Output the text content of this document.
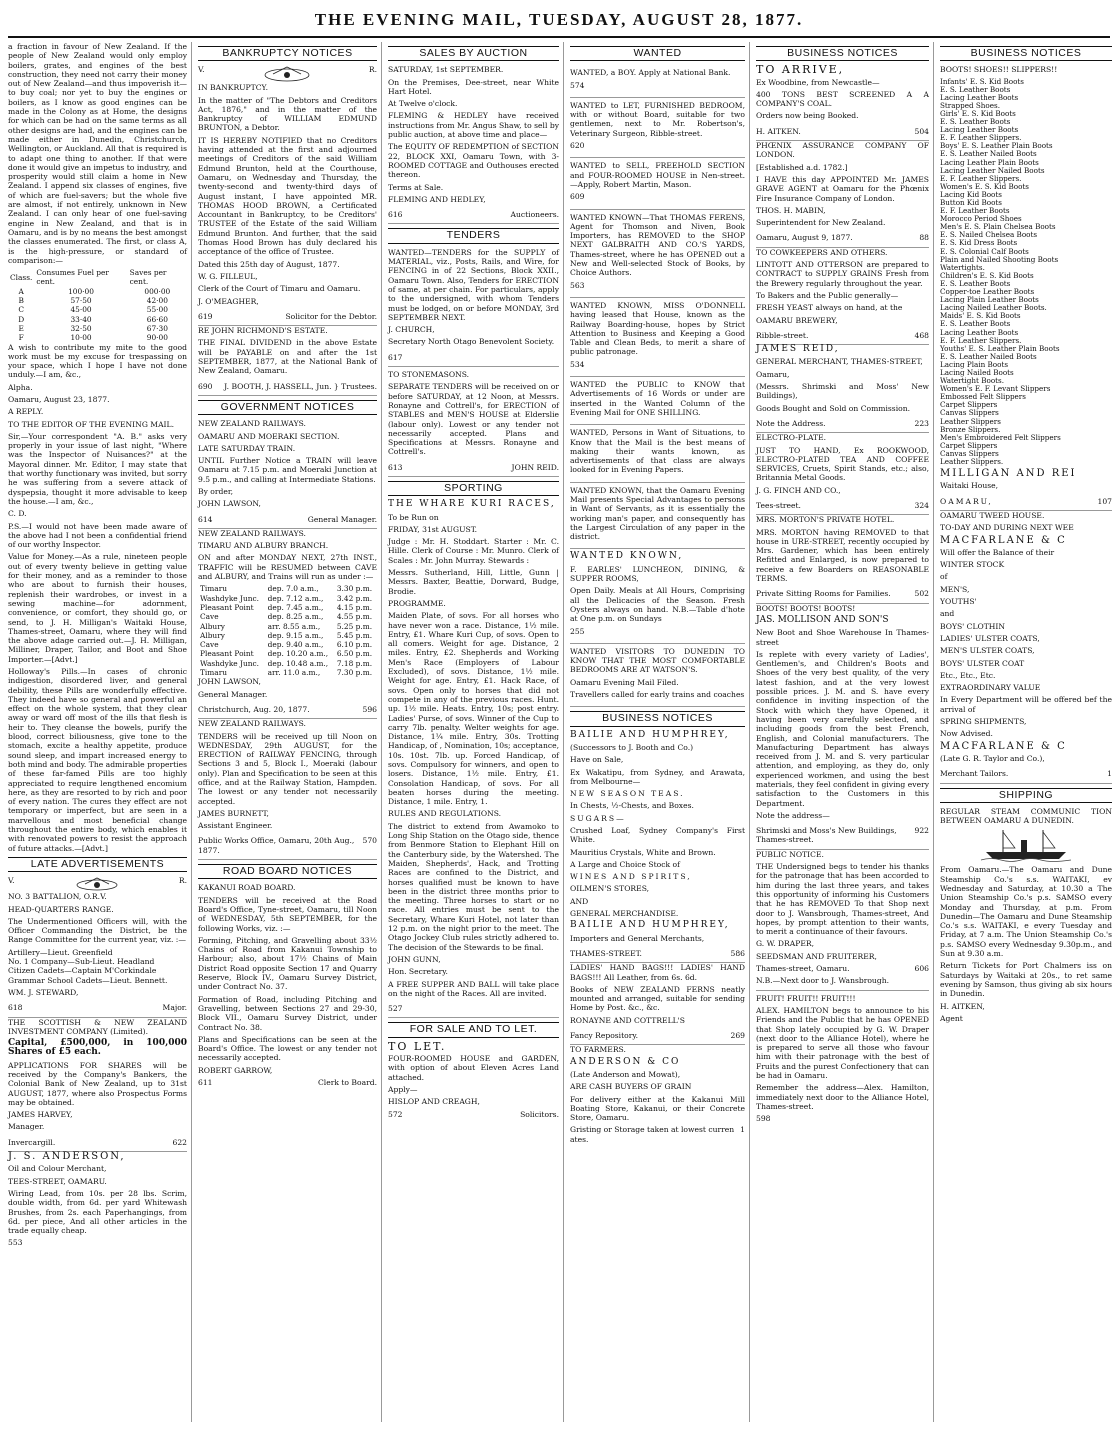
THE EVENING MAIL, TUESDAY, AUGUST 28, 1877.

a fraction in favour of New Zealand. If the people of New Zealand would only employ boilers, grates, and engines of the best construction, they need not carry their money out of New Zealand—and thus impoverish it—to buy coal; nor yet to buy the engines or boilers, as I know as good engines can be made in the Colony as at Home, the designs for which can be had on the same terms as all other designs are had, and the engines can be made either in Dunedin, Christchurch, Wellington, or Auckland. All that is required is to adapt one thing to another. If that were done it would give an impetus to industry, and prosperity would still claim a home in New Zealand. I append six classes of engines, five of which are fuel-savers; but the whole five are almost, if not entirely, unknown in New Zealand. I can only hear of one fuel-saving engine in New Zealand, and that is in Oamaru, and is by no means the best amongst the classes enumerated. The first, or class A, is the high-pressure, or standard of comparison:—

Class.	Consumes Fuel per cent.	Saves per cent.
A	100·00	000·00
B	57·50	42·00
C	45·00	55·00
D	33·40	66·60
E	32·50	67·30
F	10·00	90·00

A wish to contribute my mite to the good work must be my excuse for trespassing on your space, which I hope I have not done unduly.—I am, &c.,

Alpha.

Oamaru, August 23, 1877.

A REPLY.

TO THE EDITOR OF THE EVENING MAIL.

Sir,—Your correspondent "A. B." asks very properly in your issue of last night, "Where was the Inspector of Nuisances?" at the Mayoral dinner. Mr. Editor, I may state that that worthy functionary was invited, but sorry he was suffering from a severe attack of dyspepsia, thought it more advisable to keep the house.—I am, &c.,

C. D.

P.S.—I would not have been made aware of the above had I not been a confidential friend of our worthy Inspector.

Value for Money.—As a rule, nineteen people out of every twenty believe in getting value for their money, and as a reminder to those who are about to furnish their houses, replenish their wardrobes, or invest in a sewing machine—for adornment, convenience, or comfort, they should go, or send, to J. H. Milligan's Waitaki House, Thames-street, Oamaru, where they will find the above adage carried out.—J. H. Milligan, Milliner, Draper, Tailor, and Boot and Shoe Importer.—[Advt.]

Holloway's Pills.—In cases of chronic indigestion, disordered liver, and general debility, these Pills are wonderfully effective. They indeed have so general and powerful an effect on the whole system, that they clear away or ward off most of the ills that flesh is heir to. They cleanse the bowels, purify the blood, correct biliousness, give tone to the stomach, excite a healthy appetite, produce sound sleep, and impart increased energy to both mind and body. The admirable properties of these far-famed Pills are too highly appreciated to require lengthened encomium here, as they are resorted to by rich and poor of every nation. The cures they effect are not temporary or imperfect, but are seen in a marvellous and most beneficial change throughout the entire body, which enables it with renovated powers to resist the approach of future attacks.—[Advt.]

LATE ADVERTISEMENTS
V.	R.

NO. 3 BATTALION, O.R.V.

HEAD-QUARTERS RANGE.

The Undermentioned Officers will, with the Officer Commanding the District, be the Range Committee for the current year, viz. :—

Artillery—Lieut. Greenfield
No. 1 Company—Sub-Lieut. Headland
Citizen Cadets—Captain M'Corkindale
Grammar School Cadets—Lieut. Bennett.

WM. J. STEWARD,

618	Major.

THE SCOTTISH & NEW ZEALAND INVESTMENT COMPANY (Limited).

Capital, £500,000, in 100,000 Shares of £5 each.

APPLICATIONS FOR SHARES will be received by the Company's Bankers, the Colonial Bank of New Zealand, up to 31st AUGUST, 1877, where also Prospectus Forms may be obtained.

JAMES HARVEY,

Manager.

Invercargill.	622

J. S. ANDERSON,

Oil and Colour Merchant,

TEES-STREET, OAMARU.

Wiring Lead, from 10s. per 28 lbs. Scrim, double width, from 6d. per yard Whitewash Brushes, from 2s. each Paperhangings, from 6d. per piece, And all other articles in the trade equally cheap.

553

BANKRUPTCY NOTICES
V.	R.

IN BANKRUPTCY.

In the matter of "The Debtors and Creditors Act, 1876," and in the matter of the Bankruptcy of WILLIAM EDMUND BRUNTON, a Debtor.

IT IS HEREBY NOTIFIED that no Creditors having attended at the first and adjourned meetings of Creditors of the said William Edmund Brunton, held at the Courthouse, Oamaru, on Wednesday and Thursday, the twenty-second and twenty-third days of August instant, I have appointed MR. THOMAS HOOD BROWN, a Certificated Accountant in Bankruptcy, to be Creditors' TRUSTEE of the Estate of the said William Edmund Brunton. And further, that the said Thomas Hood Brown has duly declared his acceptance of the office of Trustee.

Dated this 25th day of August, 1877.

W. G. FILLEUL,

Clerk of the Court of Timaru and Oamaru.

J. O'MEAGHER,

619	Solicitor for the Debtor.

RE JOHN RICHMOND'S ESTATE.

THE FINAL DIVIDEND in the above Estate will be PAYABLE on and after the 1st SEPTEMBER, 1877, at the National Bank of New Zealand, Oamaru.

690 J. BOOTH, J. HASSELL, Jun. } Trustees.
GOVERNMENT NOTICES

NEW ZEALAND RAILWAYS.

OAMARU AND MOERAKI SECTION.

LATE SATURDAY TRAIN.

UNTIL Further Notice a TRAIN will leave Oamaru at 7.15 p.m. and Moeraki Junction at 9.5 p.m., and calling at Intermediate Stations.

By order,

JOHN LAWSON,

614	General Manager.

NEW ZEALAND RAILWAYS.

TIMARU AND ALBURY BRANCH.

ON and after MONDAY NEXT, 27th INST., TRAFFIC will be RESUMED between CAVE and ALBURY, and Trains will run as under :—

Timaru	dep. 7.0 a.m.,	3.30 p.m.
Washdyke Junc.	dep. 7.12 a.m.,	3.42 p.m.
Pleasant Point	dep. 7.45 a.m.,	4.15 p.m.
Cave	dep. 8.25 a.m.,	4.55 p.m.
Albury	arr. 8.55 a.m.,	5.25 p.m.
Albury	dep. 9.15 a.m.,	5.45 p.m.
Cave	dep. 9.40 a.m.,	6.10 p.m.
Pleasant Point	dep. 10.20 a.m.,	6.50 p.m.
Washdyke Junc.	dep. 10.48 a.m.,	7.18 p.m.
Timaru	arr. 11.0 a.m.,	7.30 p.m.

JOHN LAWSON,

General Manager.

Christchurch, Aug. 20, 1877.	596

NEW ZEALAND RAILWAYS.

TENDERS will be received up till Noon on WEDNESDAY, 29th AUGUST, for the ERECTION of RAILWAY FENCING, through Sections 3 and 5, Block I., Moeraki (labour only). Plan and Specification to be seen at this office, and at the Railway Station, Hampden. The lowest or any tender not necessarily accepted.

JAMES BURNETT,

Assistant Engineer.

Public Works Office, Oamaru, 20th Aug., 1877.
570
ROAD BOARD NOTICES

KAKANUI ROAD BOARD.

TENDERS will be received at the Road Board's Office, Tyne-street, Oamaru, till Noon of WEDNESDAY, 5th SEPTEMBER, for the following Works, viz. :—

Forming, Pitching, and Gravelling about 33½ Chains of Road from Kakanui Township to Harbour; also, about 17½ Chains of Main District Road opposite Section 17 and Quarry Reserve, Block IV., Oamaru Survey District, under Contract No. 37.

Formation of Road, including Pitching and Gravelling, between Sections 27 and 29-30, Block VII., Oamaru Survey District, under Contract No. 38.

Plans and Specifications can be seen at the Board's Office. The lowest or any tender not necessarily accepted.

ROBERT GARROW,

611	Clerk to Board.
SALES BY AUCTION

SATURDAY, 1st SEPTEMBER.

On the Premises, Dee-street, near White Hart Hotel.

At Twelve o'clock.

FLEMING & HEDLEY have received instructions from Mr. Angus Shaw, to sell by public auction, at above time and place—

The EQUITY OF REDEMPTION of SECTION 22, BLOCK XXI, Oamaru Town, with 3-ROOMED COTTAGE and Outhouses erected thereon.

Terms at Sale.

FLEMING AND HEDLEY,

616	Auctioneers.
TENDERS

WANTED—TENDERS for the SUPPLY of MATERIAL, viz., Posts, Rails, and Wire, for FENCING in of 22 Sections, Block XXII., Oamaru Town. Also, Tenders for ERECTION of same, at per chain. For particulars, apply to the undersigned, with whom Tenders must be lodged, on or before MONDAY, 3rd SEPTEMBER NEXT.

J. CHURCH,

Secretary North Otago Benevolent Society.

617

TO STONEMASONS.

SEPARATE TENDERS will be received on or before SATURDAY, at 12 Noon, at Messrs. Ronayne and Cottrell's, for ERECTION of STABLES and MEN'S HOUSE at Elderslie (labour only). Lowest or any tender not necessarily accepted. Plans and Specifications at Messrs. Ronayne and Cottrell's.

613	JOHN REID.
SPORTING

THE WHARE KURI RACES,

To be Run on

FRIDAY, 31st AUGUST.

Judge : Mr. H. Stoddart. Starter : Mr. C. Hille. Clerk of Course : Mr. Munro. Clerk of Scales : Mr. John Murray. Stewards :

Messrs. Sutherland, Hill, Little, Gunn | Messrs. Baxter, Beattie, Dorward, Budge, Brodie.

PROGRAMME.

Maiden Plate, of sovs. For all horses who have never won a race. Distance, 1½ mile. Entry, £1. Whare Kuri Cup, of sovs. Open to all comers. Weight for age. Distance, 2 miles. Entry, £2. Shepherds and Working Men's Race (Employers of Labour Excluded), of sovs. Distance, 1½ mile. Weight for age. Entry, £1. Hack Race, of sovs. Open only to horses that did not compete in any of the previous races. Hunt. up. 1½ mile. Heats. Entry, 10s; post entry. Ladies' Purse, of sovs. Winner of the Cup to carry 7lb. penalty. Welter weights for age. Distance, 1¼ mile. Entry, 30s. Trotting Handicap, of , Nomination, 10s; acceptance, 10s. 10st. 7lb. up. Forced Handicap, of sovs. Compulsory for winners, and open to losers. Distance, 1½ mile. Entry, £1. Consolation Handicap, of sovs. For all beaten horses during the meeting. Distance, 1 mile. Entry, 1.

RULES AND REGULATIONS.

The district to extend from Awamoko to Long Ship Station on the Otago side, thence from Benmore Station to Elephant Hill on the Canterbury side, by the Watershed. The Maiden, Shepherds', Hack, and Trotting Races are confined to the District, and horses qualified must be known to have been in the district three months prior to the meeting. Three horses to start or no race. All entries must be sent to the Secretary, Whare Kuri Hotel, not later than 12 p.m. on the night prior to the meet. The Otago Jockey Club rules strictly adhered to. The decision of the Stewards to be final.

JOHN GUNN,

Hon. Secretary.

A FREE SUPPER AND BALL will take place on the night of the Races. All are invited.

527

FOR SALE AND TO LET.

TO LET.

FOUR-ROOMED HOUSE and GARDEN, with option of about Eleven Acres Land attached.

Apply—

HISLOP AND CREAGH,

572	Solicitors.
WANTED

WANTED, a BOY. Apply at National Bank.

574

WANTED to LET, FURNISHED BEDROOM, with or without Board, suitable for two gentlemen, next to Mr. Robertson's, Veterinary Surgeon, Ribble-street.

620

WANTED to SELL, FREEHOLD SECTION and FOUR-ROOMED HOUSE in Nen-street.—Apply, Robert Martin, Mason.

609

WANTED KNOWN—That THOMAS FERENS, Agent for Thomson and Niven, Book Importers, has REMOVED to the SHOP NEXT GALBRAITH AND CO.'S YARDS, Thames-street, where he has OPENED out a New and Well-selected Stock of Books, by Choice Authors.

563

WANTED KNOWN, MISS O'DONNELL having leased that House, known as the Railway Boarding-house, hopes by Strict Attention to Business and Keeping a Good Table and Clean Beds, to merit a share of public patronage.

534

WANTED the PUBLIC to KNOW that Advertisements of 16 Words or under are inserted in the Wanted Column of the Evening Mail for ONE SHILLING.

WANTED, Persons in Want of Situations, to Know that the Mail is the best means of making their wants known, as advertisements of that class are always looked for in Evening Papers.

WANTED KNOWN, that the Oamaru Evening Mail presents Special Advantages to persons in Want of Servants, as it is essentially the working man's paper, and consequently has the Largest Circulation of any paper in the district.

WANTED KNOWN,

F. EARLES' LUNCHEON, DINING, & SUPPER ROOMS,

Open Daily. Meals at All Hours, Comprising all the Delicacies of the Season. Fresh Oysters always on hand. N.B.—Table d'hote at One p.m. on Sundays

255

WANTED VISITORS TO DUNEDIN TO KNOW THAT THE MOST COMFORTABLE BEDROOMS ARE AT WATSON'S.

Oamaru Evening Mail Filed.

Travellers called for early trains and coaches

BUSINESS NOTICES

BAILIE AND HUMPHREY,

(Successors to J. Booth and Co.)

Have on Sale,

Ex Wakatipu, from Sydney, and Arawata, from Melbourne—

NEW SEASON TEAS.

In Chests, ½-Chests, and Boxes.

SUGARS—

Crushed Loaf, Sydney Company's First White.

Mauritius Crystals, White and Brown.

A Large and Choice Stock of

WINES AND SPIRITS,

OILMEN'S STORES,

AND

GENERAL MERCHANDISE.

BAILIE AND HUMPHREY,

Importers and General Merchants,

THAMES-STREET.	586

LADIES' HAND BAGS!!! LADIES' HAND BAGS!!! All Leather, from 6s. 6d.

Books of NEW ZEALAND FERNS neatly mounted and arranged, suitable for sending Home by Post. &c., &c.

RONAYNE AND COTTRELL'S

Fancy Repository.	269

TO FARMERS.

ANDERSON & CO

(Late Anderson and Mowat),

ARE CASH BUYERS OF GRAIN

For delivery either at the Kakanui Mill Boating Store, Kakanui, or their Concrete Store, Oamaru.

Gristing or Storage taken at lowest curren ates.
1
BUSINESS NOTICES

TO ARRIVE,

Ex Woodbine, from Newcastle—

400 TONS BEST SCREENED A A COMPANY'S COAL.

Orders now being Booked.

H. AITKEN.	504

PHŒNIX ASSURANCE COMPANY OF LONDON.

[Established a.d. 1782.]

I HAVE this day APPOINTED Mr. JAMES GRAVE AGENT at Oamaru for the Phœnix Fire Insurance Company of London.

THOS. H. MABIN,

Superintendent for New Zealand.

Oamaru, August 9, 1877.	88

TO COWKEEPERS AND OTHERS.

LINTOTT AND OTTERSON are prepared to CONTRACT to SUPPLY GRAINS Fresh from the Brewery regularly throughout the year.

To Bakers and the Public generally—

FRESH YEAST always on hand, at the

OAMARU BREWERY,

Ribble-street.	468

JAMES REID,

GENERAL MERCHANT, THAMES-STREET,

Oamaru,

(Messrs. Shrimski and Moss' New Buildings),

Goods Bought and Sold on Commission.

Note the Address.	223

ELECTRO-PLATE.

JUST TO HAND, Ex ROOKWOOD, ELECTRO-PLATED TEA AND COFFEE SERVICES, Cruets, Spirit Stands, etc.; also, Britannia Metal Goods.

J. G. FINCH AND CO.,

Tees-street.	324

MRS. MORTON'S PRIVATE HOTEL.

MRS. MORTON having REMOVED to that house in URE-STREET, recently occupied by Mrs. Gardener, which has been entirely Refitted and Enlarged, is now prepared to receive a few Boarders on REASONABLE TERMS.

Private Sitting Rooms for Families.	502

BOOTS! BOOTS! BOOTS!

JAS. MOLLISON AND SON'S

New Boot and Shoe Warehouse In Thames-street

Is replete with every variety of Ladies', Gentlemen's, and Children's Boots and Shoes of the very best quality, of the very latest fashion, and at the very lowest possible prices. J. M. and S. have every confidence in inviting inspection of the Stock with which they have Opened, it having been very carefully selected, and including goods from the best French, English, and Colonial manufacturers. The Manufacturing Department has always received from J. M. and S. very particular attention, and employing, as they do, only experienced workmen, and using the best materials, they feel confident in giving every satisfaction to the Customers in this Department.

Note the address—

Shrimski and Moss's New Buildings, Thames-street.
922

PUBLIC NOTICE.

THE Undersigned begs to tender his thanks for the patronage that has been accorded to him during the last three years, and takes this opportunity of informing his Customers that he has REMOVED To that Shop next door to J. Wansbrough, Thames-street, And hopes, by prompt attention to their wants, to merit a continuance of their favours.

G. W. DRAPER,

SEEDSMAN AND FRUITERER,

Thames-street, Oamaru.	606

N.B.—Next door to J. Wansbrough.

FRUIT! FRUIT!! FRUIT!!!

ALEX. HAMILTON begs to announce to his Friends and the Public that he has OPENED that Shop lately occupied by G. W. Draper (next door to the Alliance Hotel), where he is prepared to serve all those who favour him with their patronage with the best of Fruits and the purest Confectionery that can be had in Oamaru.

Remember the address—Alex. Hamilton, immediately next door to the Alliance Hotel, Thames-street.

598

BUSINESS NOTICES

BOOTS! SHOES!! SLIPPERS!!

Infants' E. S. Kid Boots
E. S. Leather Boots
Lacing Leather Boots
Strapped Shoes.
Girls' E. S. Kid Boots
E. S. Leather Boots
Lacing Leather Boots
E. F. Leather Slippers.
Boys' E. S. Leather Plain Boots
E. S. Leather Nailed Boots
Lacing Leather Plain Boots
Lacing Leather Nailed Boots
E. F. Leather Slippers.
Women's E. S. Kid Boots
Lacing Kid Boots
Button Kid Boots
E. F. Leather Boots
Morocco Period Shoes
Men's E. S. Plain Chelsea Boots
E. S. Nailed Chelsea Boots
E. S. Kid Dress Boots
E. S. Colonial Calf Boots
Plain and Nailed Shooting Boots
Watertights.
Children's E. S. Kid Boots
E. S. Leather Boots
Copper-toe Leather Boots
Lacing Plain Leather Boots
Lacing Nailed Leather Boots.
Maids' E. S. Kid Boots
E. S. Leather Boots
Lacing Leather Boots
E. F. Leather Slippers.
Youths' E. S. Leather Plain Boots
E. S. Leather Nailed Boots
Lacing Plain Boots
Lacing Nailed Boots
Watertight Boots.
Women's E. F. Levant Slippers
Embossed Felt Slippers
Carpet Slippers
Canvas Slippers
Leather Slippers
Bronze Slippers.
Men's Embroidered Felt Slippers
Carpet Slippers
Canvas Slippers
Leather Slippers.

MILLIGAN AND REI

Waitaki House,

OAMARU,	107

OAMARU TWEED HOUSE.

TO-DAY AND DURING NEXT WEE

MACFARLANE & C

Will offer the Balance of their

WINTER STOCK

of

MEN'S,

YOUTHS'

and

BOYS' CLOTHIN

LADIES' ULSTER COATS,

MEN'S ULSTER COATS,

BOYS' ULSTER COAT

Etc., Etc., Etc.

EXTRAORDINARY VALUE

In Every Department will be offered bef the arrival of

SPRING SHIPMENTS,

Now Advised.

MACFARLANE & C

(Late G. R. Taylor and Co.),

Merchant Tailors.	1
SHIPPING

REGULAR STEAM COMMUNIC TION BETWEEN OAMARU A DUNEDIN.

From Oamaru.—The Oamaru and Dune Steamship Co.'s s.s. WAITAKI, ev Wednesday and Saturday, at 10.30 a The Union Steamship Co.'s p.s. SAMSO every Monday and Thursday, at p.m. From Dunedin—The Oamaru and Dune Steamship Co.'s s.s. WAITAKI, e every Tuesday and Friday, at 7 a.m. The Union Steamship Co.'s p.s. SAMSO every Wednesday 9.30p.m., and Sun at 9.30 a.m.

Return Tickets for Port Chalmers iss on Saturdays by Waitaki at 20s., to ret same evening by Samson, thus giving ab six hours in Dunedin.

H. AITKEN,

Agent
